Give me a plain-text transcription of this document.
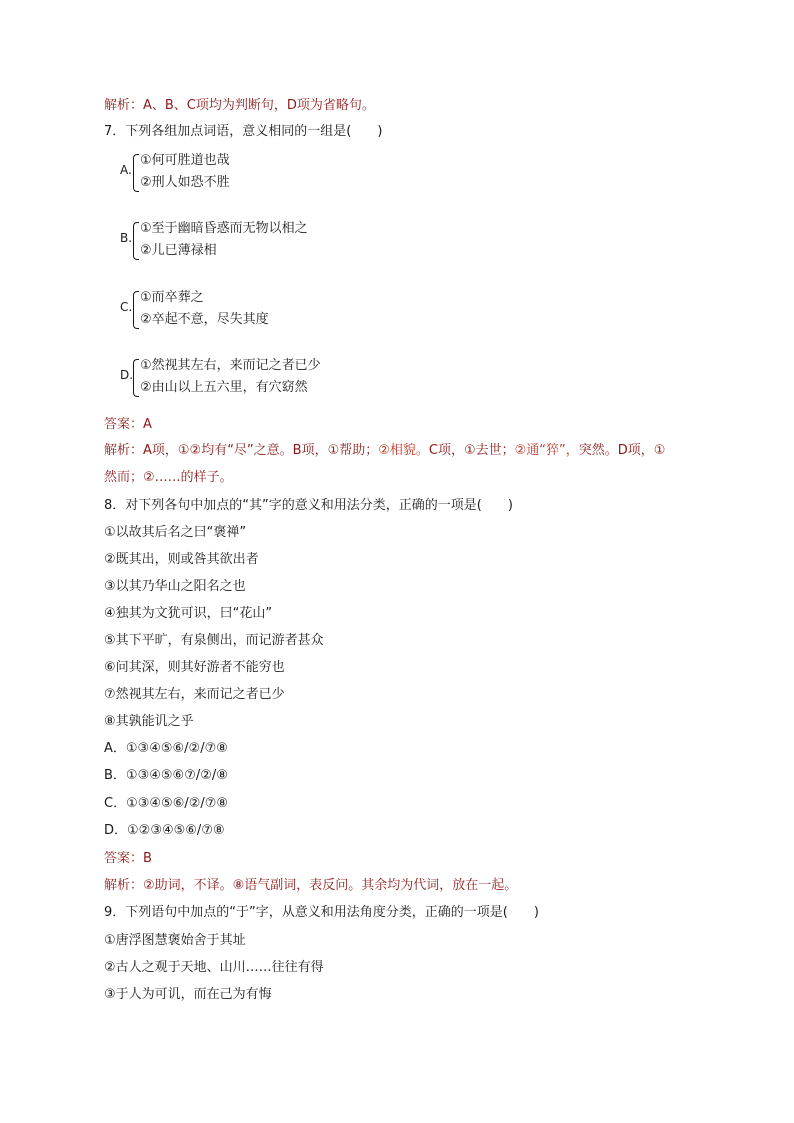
解析：A、B、C项均为判断句，D项为省略句。
7．下列各组加点词语，意义相同的一组是(　　)
A.
①何可胜道也哉
②刑人如恐不胜
B.
①至于幽暗昏惑而无物以相之
②儿已薄禄相
C.
①而卒葬之
②卒起不意，尽失其度
D.
①然视其左右，来而记之者已少
②由山以上五六里，有穴窈然
答案：A
解析：A项，①②均有“尽”之意。B项，①帮助；②相貌。C项，①去世；②通“猝”，突然。D项，①
然而；②……的样子。
8．对下列各句中加点的“其”字的意义和用法分类，正确的一项是(　　)
①以故其后名之曰“褒禅”
②既其出，则或咎其欲出者
③以其乃华山之阳名之也
④独其为文犹可识，曰“花山”
⑤其下平旷，有泉侧出，而记游者甚众
⑥问其深，则其好游者不能穷也
⑦然视其左右，来而记之者已少
⑧其孰能讥之乎
A．①③④⑤⑥/②/⑦⑧
B．①③④⑤⑥⑦/②/⑧
C．①③④⑤⑥/②/⑦⑧
D．①②③④⑤⑥/⑦⑧
答案：B
解析：②助词，不译。⑧语气副词，表反问。其余均为代词，放在一起。
9．下列语句中加点的“于”字，从意义和用法角度分类，正确的一项是(　　)
①唐浮图慧褒始舍于其址
②古人之观于天地、山川……往往有得
③于人为可讥，而在己为有悔
